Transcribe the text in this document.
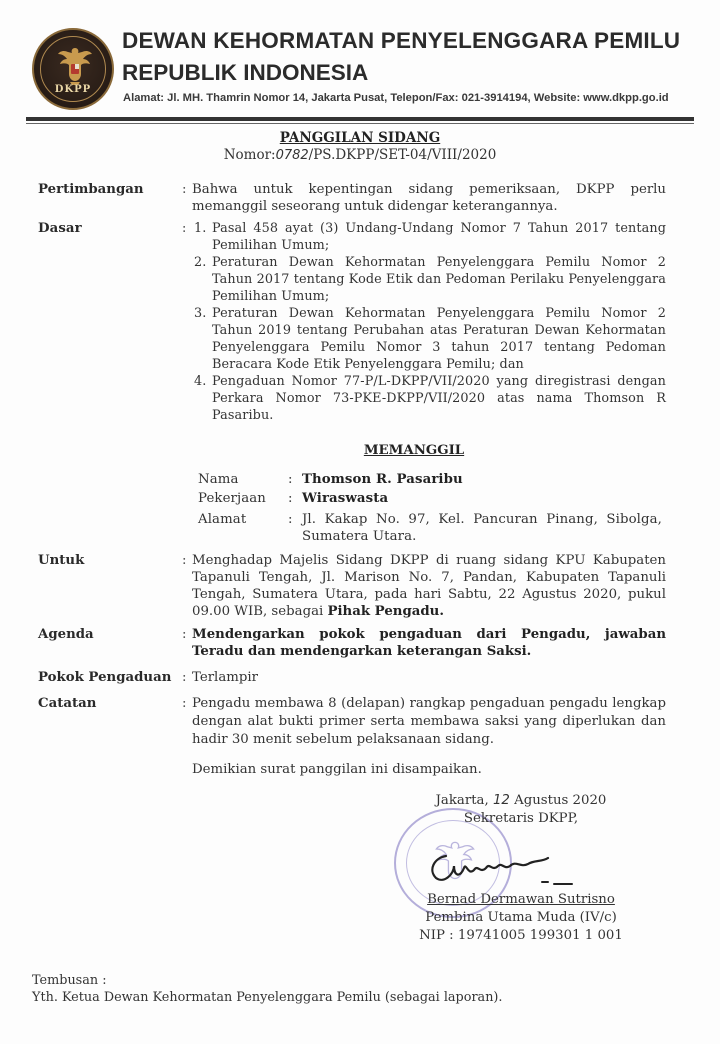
DKPP
DEWAN KEHORMATAN PENYELENGGARA PEMILU
REPUBLIK INDONESIA
Alamat: Jl. MH. Thamrin Nomor 14, Jakarta Pusat, Telepon/Fax: 021-3914194, Website: www.dkpp.go.id
PANGGILAN SIDANG
Nomor:0782/PS.DKPP/SET-04/VIII/2020
Pertimbangan	: Bahwa untuk kepentingan sidang pemeriksaan, DKPP perlu memanggil seseorang untuk didengar keterangannya.
Dasar	: 1. Pasal 458 ayat (3) Undang-Undang Nomor 7 Tahun 2017 tentang Pemilihan Umum;
2. Peraturan Dewan Kehormatan Penyelenggara Pemilu Nomor 2 Tahun 2017 tentang Kode Etik dan Pedoman Perilaku Penyelenggara Pemilihan Umum;
3. Peraturan Dewan Kehormatan Penyelenggara Pemilu Nomor 2 Tahun 2019 tentang Perubahan atas Peraturan Dewan Kehormatan Penyelenggara Pemilu Nomor 3 tahun 2017 tentang Pedoman Beracara Kode Etik Penyelenggara Pemilu; dan
4. Pengaduan Nomor 77-P/L-DKPP/VII/2020 yang diregistrasi dengan Perkara Nomor 73-PKE-DKPP/VII/2020 atas nama Thomson R Pasaribu.
MEMANGGIL
Nama	: Thomson R. Pasaribu
Pekerjaan : Wiraswasta
Alamat	: Jl. Kakap No. 97, Kel. Pancuran Pinang, Sibolga, Sumatera Utara.
Untuk	: Menghadap Majelis Sidang DKPP di ruang sidang KPU Kabupaten Tapanuli Tengah, Jl. Marison No. 7, Pandan, Kabupaten Tapanuli Tengah, Sumatera Utara, pada hari Sabtu, 22 Agustus 2020, pukul 09.00 WIB, sebagai Pihak Pengadu.
Agenda	: Mendengarkan pokok pengaduan dari Pengadu, jawaban Teradu dan mendengarkan keterangan Saksi.
Pokok Pengaduan : Terlampir
Catatan	: Pengadu membawa 8 (delapan) rangkap pengaduan pengadu lengkap dengan alat bukti primer serta membawa saksi yang diperlukan dan hadir 30 menit sebelum pelaksanaan sidang.
Demikian surat panggilan ini disampaikan.
Jakarta, 12 Agustus 2020
Sekretaris DKPP,
Bernad Dermawan Sutrisno
Pembina Utama Muda (IV/c)
NIP : 19741005 199301 1 001
Tembusan :
Yth. Ketua Dewan Kehormatan Penyelenggara Pemilu (sebagai laporan).
